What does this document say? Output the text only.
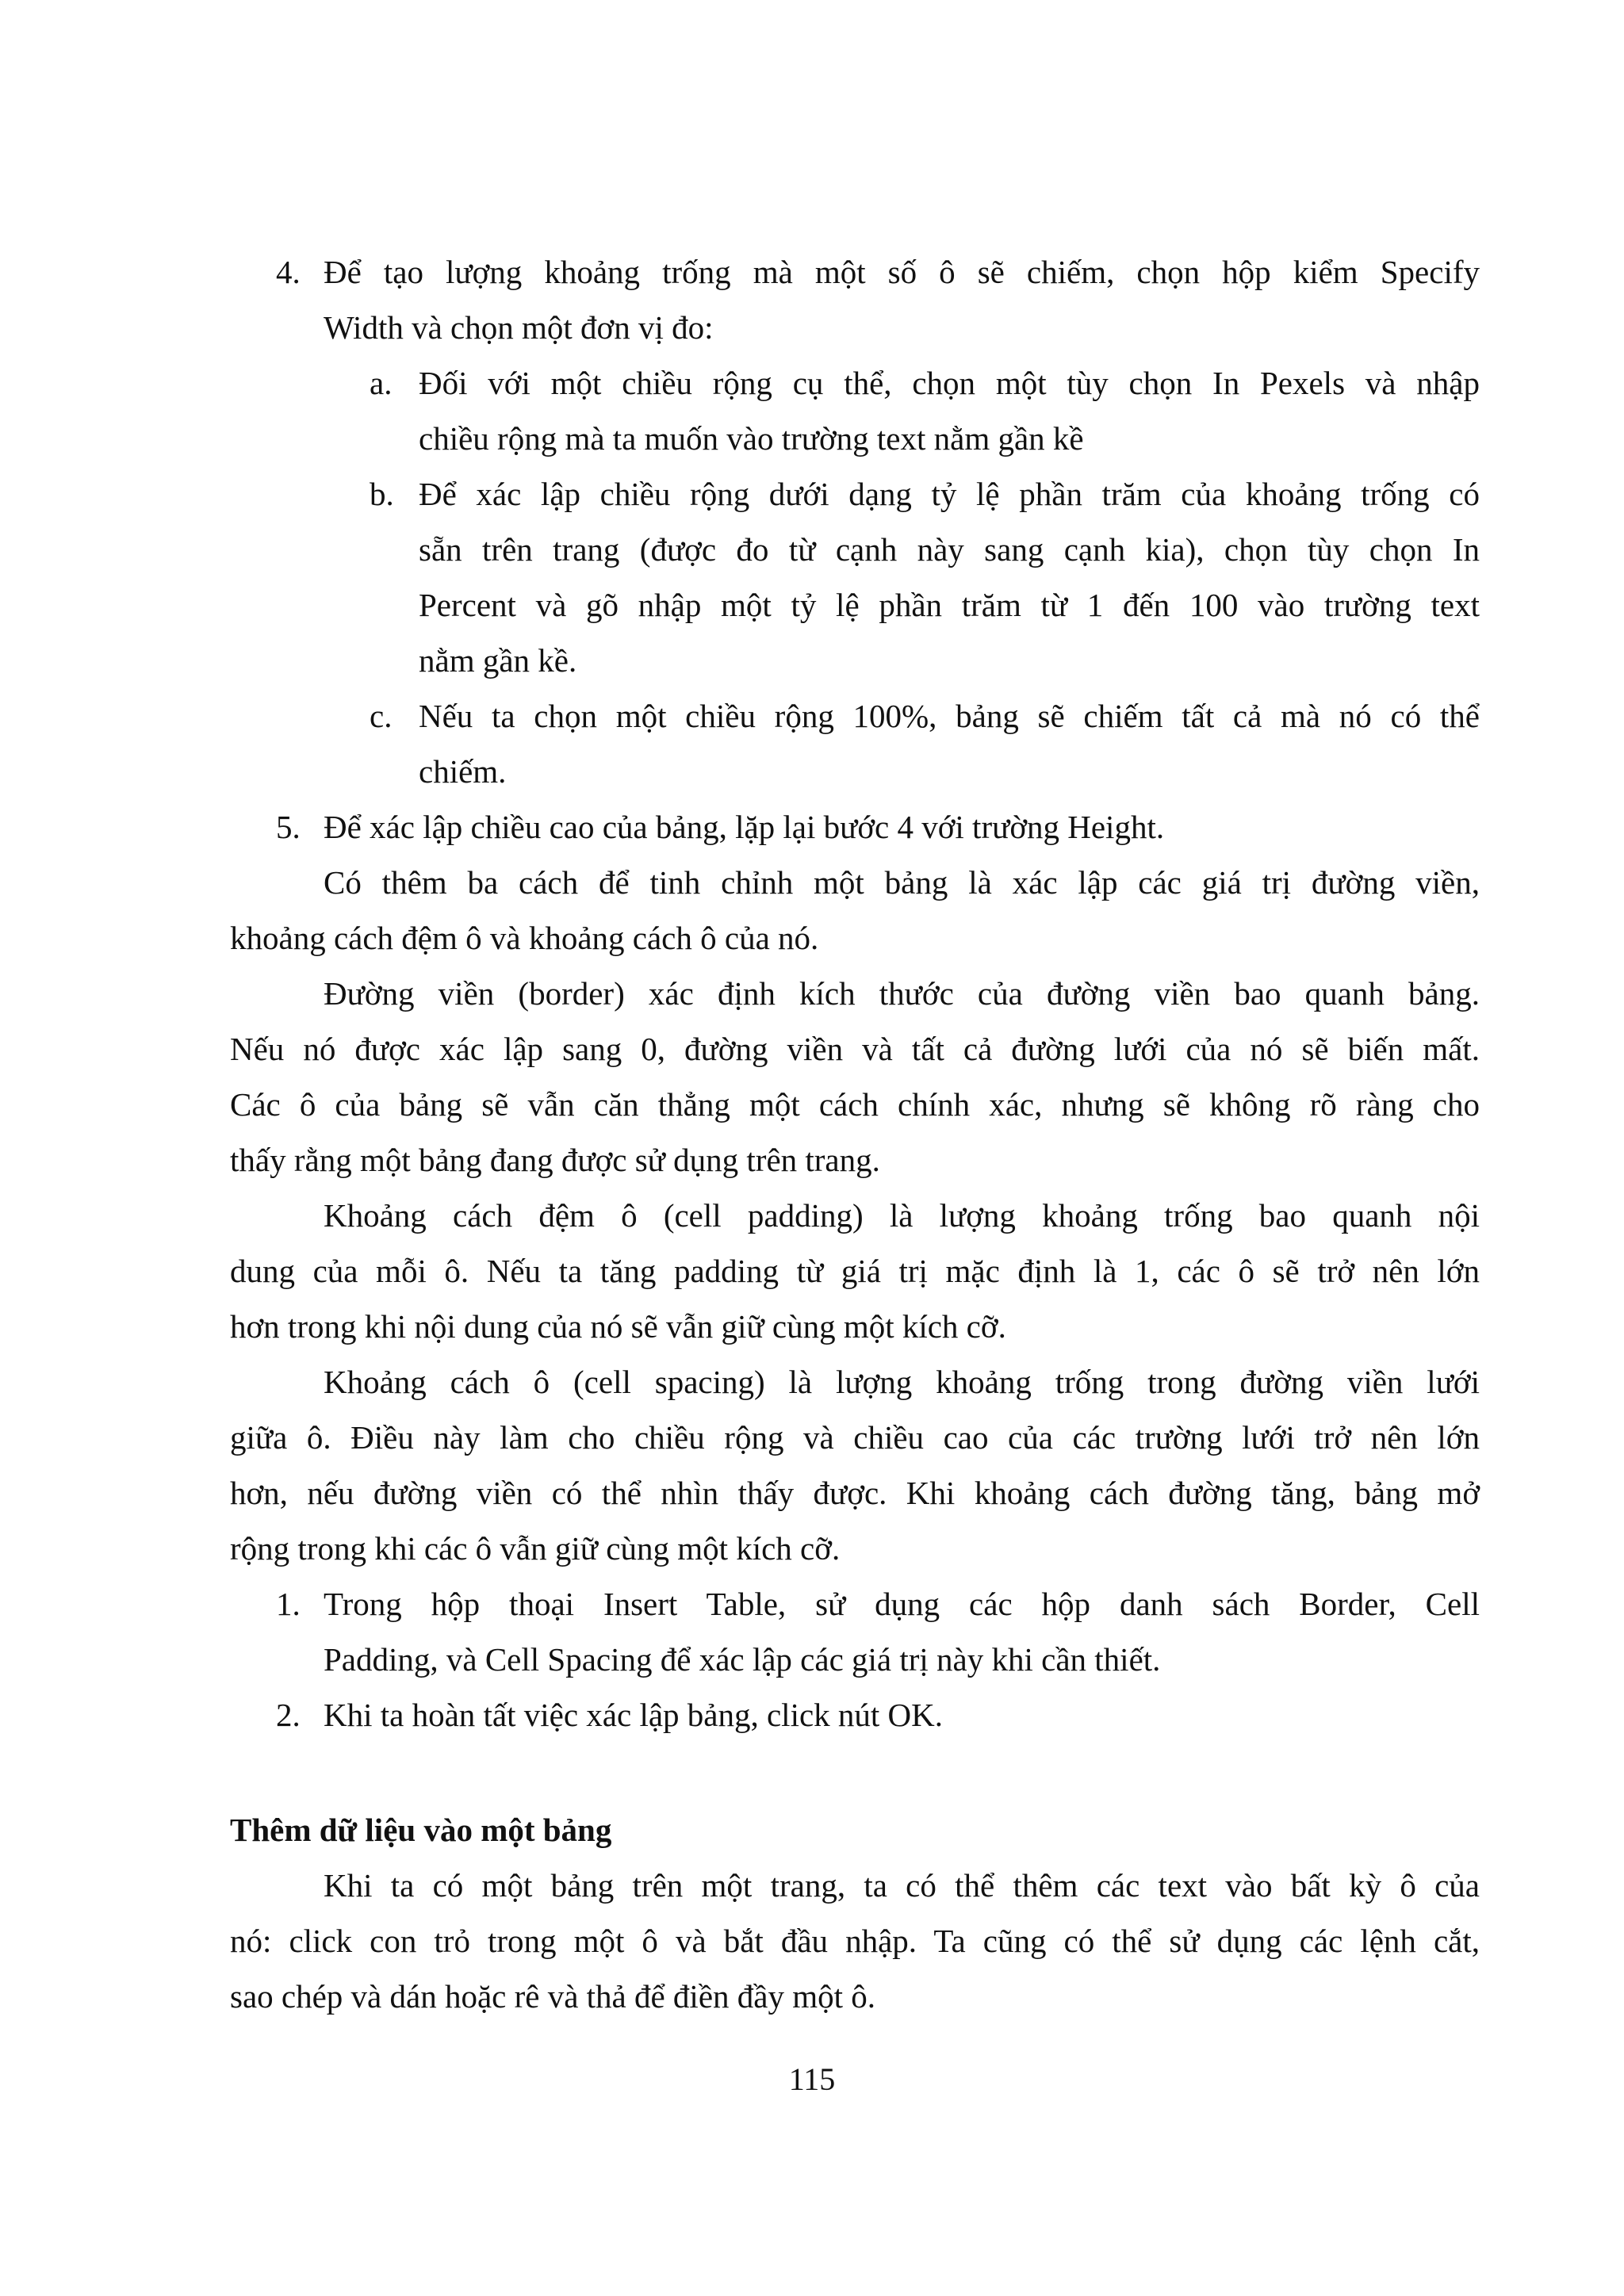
4. Để tạo lượng khoảng trống mà một số ô sẽ chiếm, chọn hộp kiểm Specify
Width và chọn một đơn vị đo:
a. Đối với một chiều rộng cụ thể, chọn một tùy chọn In Pexels và nhập
chiều rộng mà ta muốn vào trường text nằm gần kề
b. Để xác lập chiều rộng dưới dạng tỷ lệ phần trăm của khoảng trống có
sẵn trên trang (được đo từ cạnh này sang cạnh kia), chọn tùy chọn In
Percent và gõ nhập một tỷ lệ phần trăm từ 1 đến 100 vào trường text
nằm gần kề.
c. Nếu ta chọn một chiều rộng 100%, bảng sẽ chiếm tất cả mà nó có thể
chiếm.
5. Để xác lập chiều cao của bảng, lặp lại bước 4 với trường Height.
Có thêm ba cách để tinh chỉnh một bảng là xác lập các giá trị đường viền,
khoảng cách đệm ô và khoảng cách ô của nó.
Đường viền (border) xác định kích thước của đường viền bao quanh bảng.
Nếu nó được xác lập sang 0, đường viền và tất cả đường lưới của nó sẽ biến mất.
Các ô của bảng sẽ vẫn căn thẳng một cách chính xác, nhưng sẽ không rõ ràng cho
thấy rằng một bảng đang được sử dụng trên trang.
Khoảng cách đệm ô (cell padding) là lượng khoảng trống bao quanh nội
dung của mỗi ô. Nếu ta tăng padding từ giá trị mặc định là 1, các ô sẽ trở nên lớn
hơn trong khi nội dung của nó sẽ vẫn giữ cùng một kích cỡ.
Khoảng cách ô (cell spacing) là lượng khoảng trống trong đường viền lưới
giữa ô. Điều này làm cho chiều rộng và chiều cao của các trường lưới trở nên lớn
hơn, nếu đường viền có thể nhìn thấy được. Khi khoảng cách đường tăng, bảng mở
rộng trong khi các ô vẫn giữ cùng một kích cỡ.
1. Trong hộp thoại Insert Table, sử dụng các hộp danh sách Border, Cell
Padding, và Cell Spacing để xác lập các giá trị này khi cần thiết.
2. Khi ta hoàn tất việc xác lập bảng, click nút OK.
Thêm dữ liệu vào một bảng
Khi ta có một bảng trên một trang, ta có thể thêm các text vào bất kỳ ô của
nó: click con trỏ trong một ô và bắt đầu nhập. Ta cũng có thể sử dụng các lệnh cắt,
sao chép và dán hoặc rê và thả để điền đầy một ô.
115
